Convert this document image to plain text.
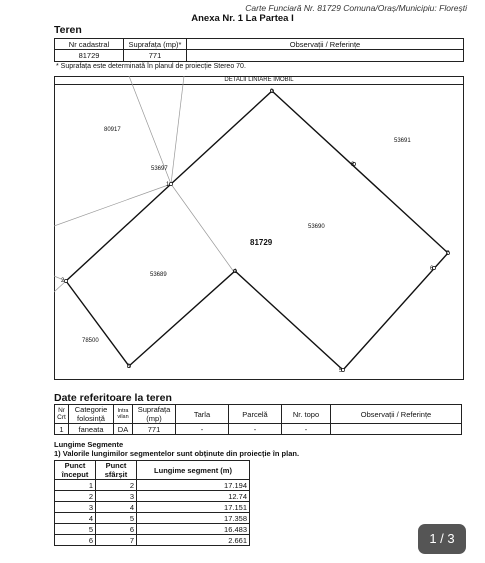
Carte Funciară Nr. 81729 Comuna/Oraș/Municipiu: Florești
Anexa Nr. 1 La Partea I
Teren
Nr cadastral	Suprafața (mp)*	Observații / Referințe
81729	771	
* Suprafața este determinată în planul de proiecție Stereo 70.
DETALII LINIARE IMOBIL
1
2
3
4
5
6
7
8
9
80917
53697
53691
53690
53689
78500
81729
Date referitoare la teren
Nr Crt	Categorie folosință	Intra vilan	Suprafața (mp)	Tarla	Parcelă	Nr. topo	Observații / Referințe
1	faneata	DA	771	-	-	-	
Lungime Segmente
1) Valorile lungimilor segmentelor sunt obținute din proiecție în plan.
Punct început	Punct sfârșit	Lungime segment (m)
1	2	17.194
2	3	12.74
3	4	17.151
4	5	17.358
5	6	16.483
6	7	2.661	1 / 3
